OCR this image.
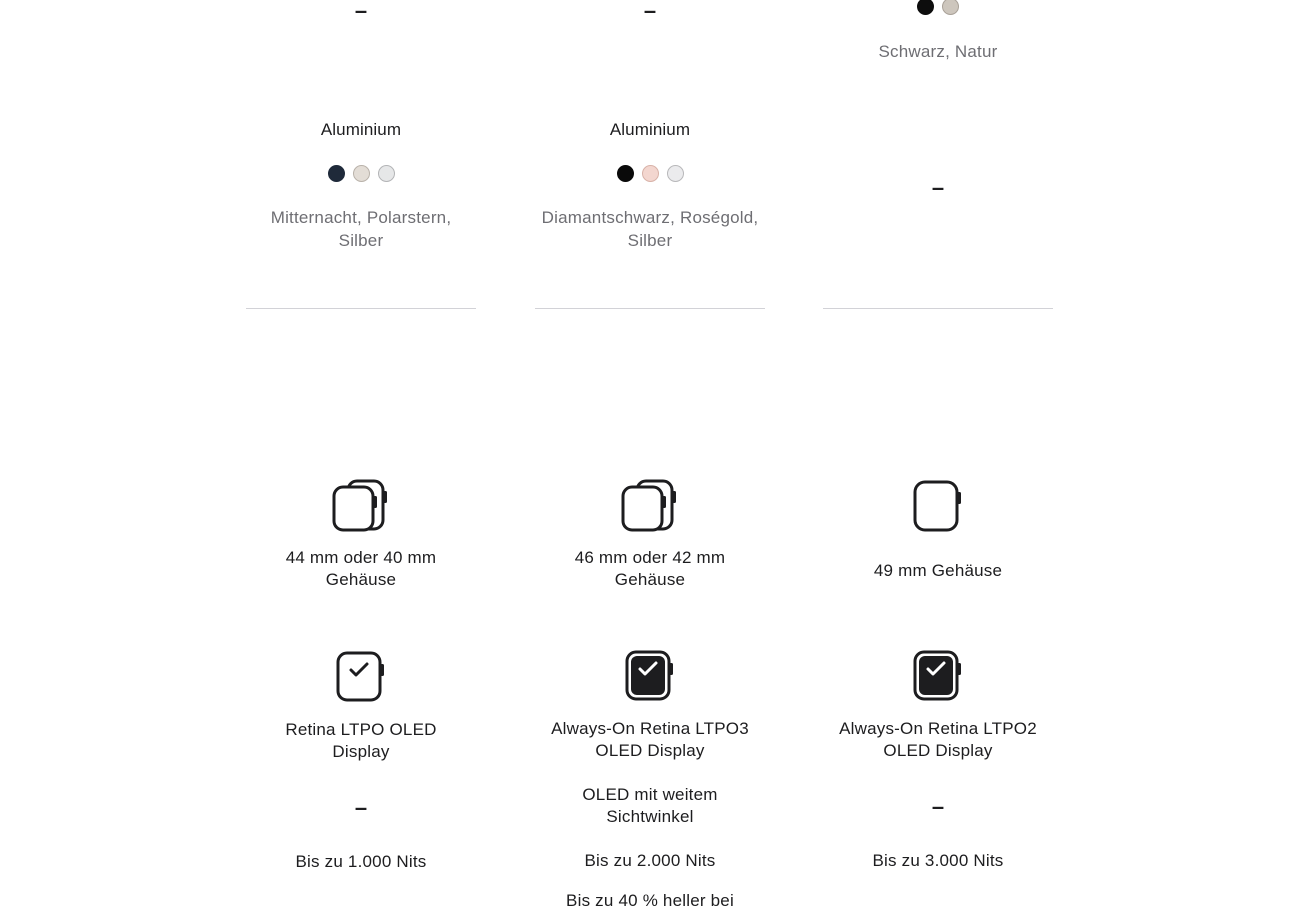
–
Aluminium
Mitternacht, Polarstern, Silber
44 mm oder 40 mm Gehäuse
Retina LTPO OLED Display
–
Bis zu 1.000 Nits
–
Aluminium
Diamantschwarz, Roségold, Silber
46 mm oder 42 mm Gehäuse
Always-On Retina LTPO3 OLED Display
OLED mit weitem Sichtwinkel
Bis zu 2.000 Nits
Bis zu 40 % heller bei
Schwarz, Natur
–
49 mm Gehäuse
Always-On Retina LTPO2 OLED Display
–
Bis zu 3.000 Nits
